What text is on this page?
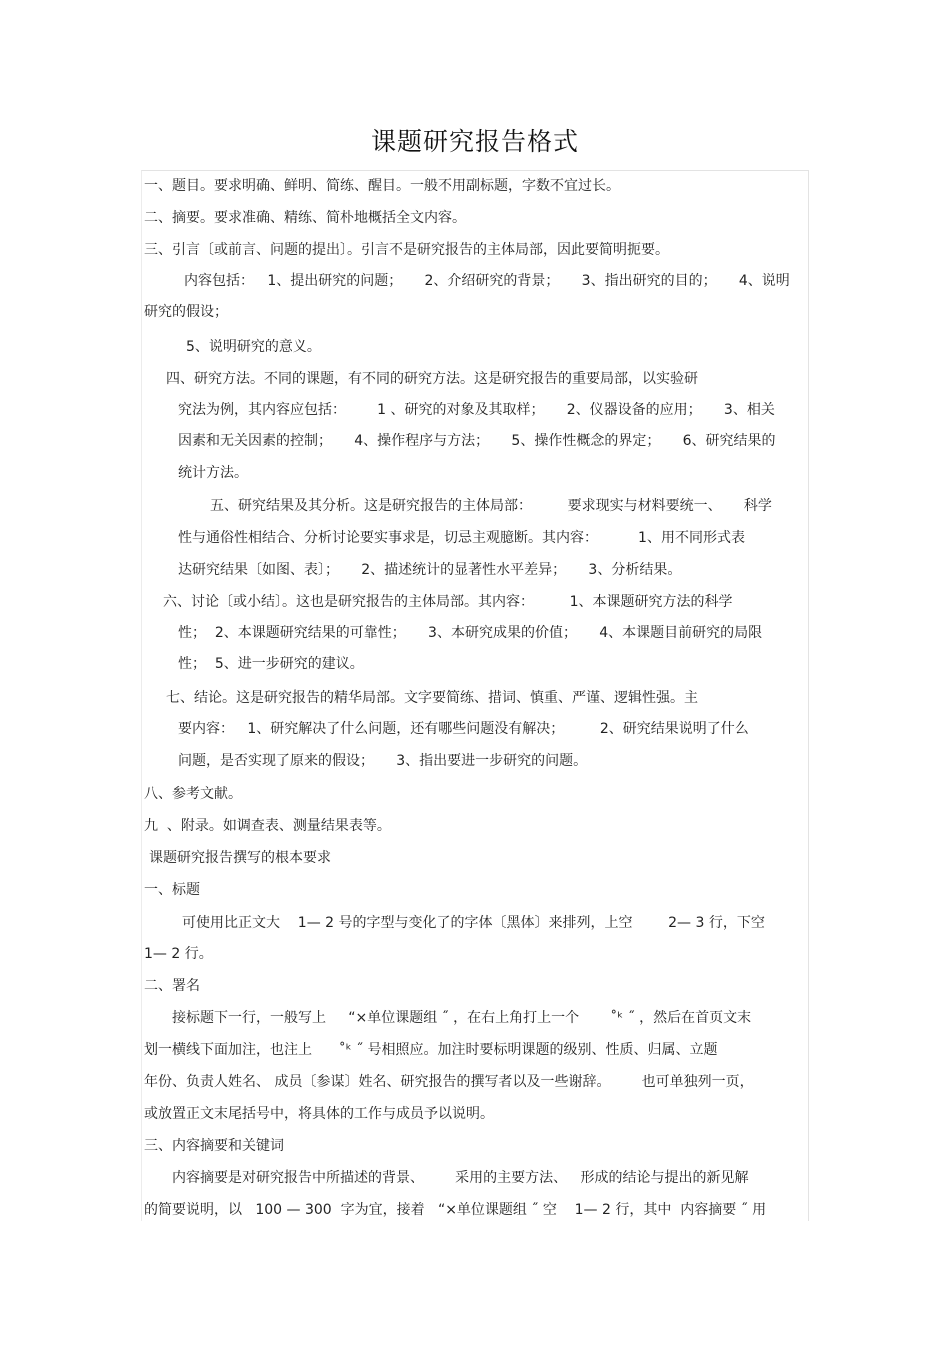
课题研究报告格式
一、题目。要求明确、鲜明、简练、醒目。一般不用副标题，字数不宜过长。
二、摘要。要求准确、精练、简朴地概括全文内容。
三、引言〔或前言、问题的提出〕。引言不是研究报告的主体局部，因此要简明扼要。
内容包括：   1、提出研究的问题；     2、介绍研究的背景；     3、指出研究的目的；     4、说明
研究的假设；
5、说明研究的意义。
四、研究方法。不同的课题，有不同的研究方法。这是研究报告的重要局部，以实验研
究法为例，其内容应包括：       1 、研究的对象及其取样；     2、仪器设备的应用；     3、相关
因素和无关因素的控制；     4、操作程序与方法；     5、操作性概念的界定；     6、研究结果的
统计方法。
五、研究结果及其分析。这是研究报告的主体局部：        要求现实与材料要统一、     科学
性与通俗性相结合、分析讨论要实事求是，切忌主观臆断。其内容：         1、用不同形式表
达研究结果〔如图、表〕；     2、描述统计的显著性水平差异；     3、分析结果。
六、讨论〔或小结〕。这也是研究报告的主体局部。其内容：        1、本课题研究方法的科学
性；  2、本课题研究结果的可靠性；     3、本研究成果的价值；     4、本课题目前研究的局限
性；  5、进一步研究的建议。
七、结论。这是研究报告的精华局部。文字要简练、措词、慎重、严谨、逻辑性强。主
要内容：   1、研究解决了什么问题，还有哪些问题没有解决；        2、研究结果说明了什么
问题，是否实现了原来的假设；     3、指出要进一步研究的问题。
八、参考文献。
九  、附录。如调查表、测量结果表等。
课题研究报告撰写的根本要求
一、标题
可使用比正文大    1— 2 号的字型与变化了的字体〔黑体〕来排列，上空        2— 3 行，下空
1— 2 行。
二、署名
接标题下一行，一般写上     “×单位课题组 ˝ ，在右上角打上一个       ˚ᵏ ˝ ，然后在首页文末
划一横线下面加注，也注上      ˚ᵏ ˝ 号相照应。加注时要标明课题的级别、性质、归属、立题
年份、负责人姓名、 成员〔参谋〕姓名、研究报告的撰写者以及一些谢辞。       也可单独列一页，
或放置正文末尾括号中，将具体的工作与成员予以说明。
三、内容摘要和关键词
内容摘要是对研究报告中所描述的背景、       采用的主要方法、   形成的结论与提出的新见解
的简要说明，以   100 — 300  字为宜，接着   “×单位课题组 ˝ 空    1— 2 行，其中  内容摘要 ˝ 用
